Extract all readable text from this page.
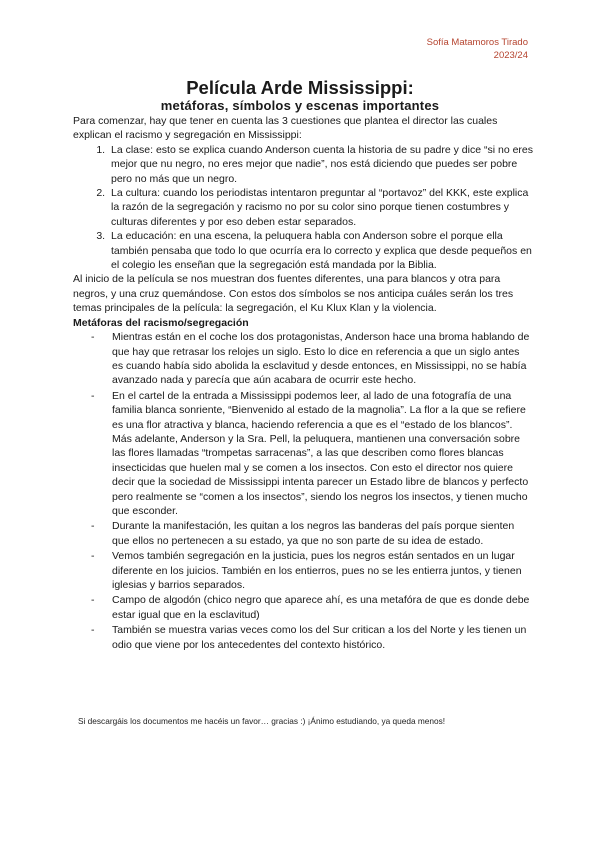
Sofía Matamoros Tirado
2023/24
Película Arde Mississippi:
metáforas, símbolos y escenas importantes

Para comenzar, hay que tener en cuenta las 3 cuestiones que plantea el director las cuales explican el racismo y segregación en Mississippi:

1. La clase: esto se explica cuando Anderson cuenta la historia de su padre y dice “si no eres mejor que nu negro, no eres mejor que nadie”, nos está diciendo que puedes ser pobre pero no más que un negro.
2. La cultura: cuando los periodistas intentaron preguntar al “portavoz” del KKK, este explica la razón de la segregación y racismo no por su color sino porque tienen costumbres y culturas diferentes y por eso deben estar separados.
3. La educación: en una escena, la peluquera habla con Anderson sobre el porque ella también pensaba que todo lo que ocurría era lo correcto y explica que desde pequeños en el colegio les enseñan que la segregación está mandada por la Biblia.

Al inicio de la película se nos muestran dos fuentes diferentes, una para blancos y otra para negros, y una cruz quemándose. Con estos dos símbolos se nos anticipa cuáles serán los tres temas principales de la película: la segregación, el Ku Klux Klan y la violencia.

Metáforas del racismo/segregación
- Mientras están en el coche los dos protagonistas, Anderson hace una broma hablando de que hay que retrasar los relojes un siglo. Esto lo dice en referencia a que un siglo antes es cuando había sido abolida la esclavitud y desde entonces, en Mississippi, no se había avanzado nada y parecía que aún acabara de ocurrir este hecho.
- En el cartel de la entrada a Mississippi podemos leer, al lado de una fotografía de una familia blanca sonriente, “Bienvenido al estado de la magnolia”. La flor a la que se refiere es una flor atractiva y blanca, haciendo referencia a que es el “estado de los blancos”. Más adelante, Anderson y la Sra. Pell, la peluquera, mantienen una conversación sobre las flores llamadas “trompetas sarracenas”, a las que describen como flores blancas insecticidas que huelen mal y se comen a los insectos. Con esto el director nos quiere decir que la sociedad de Mississippi intenta parecer un Estado libre de blancos y perfecto pero realmente se “comen a los insectos”, siendo los negros los insectos, y tienen mucho que esconder.
- Durante la manifestación, les quitan a los negros las banderas del país porque sienten que ellos no pertenecen a su estado, ya que no son parte de su idea de estado.
- Vemos también segregación en la justicia, pues los negros están sentados en un lugar diferente en los juicios. También en los entierros, pues no se les entierra juntos, y tienen iglesias y barrios separados.
- Campo de algodón (chico negro que aparece ahí, es una metafóra de que es donde debe estar igual que en la esclavitud)
- También se muestra varias veces como los del Sur critican a los del Norte y les tienen un odio que viene por los antecedentes del contexto histórico.
Si descargáis los documentos me hacéis un favor… gracias :) ¡Ánimo estudiando, ya queda menos!
